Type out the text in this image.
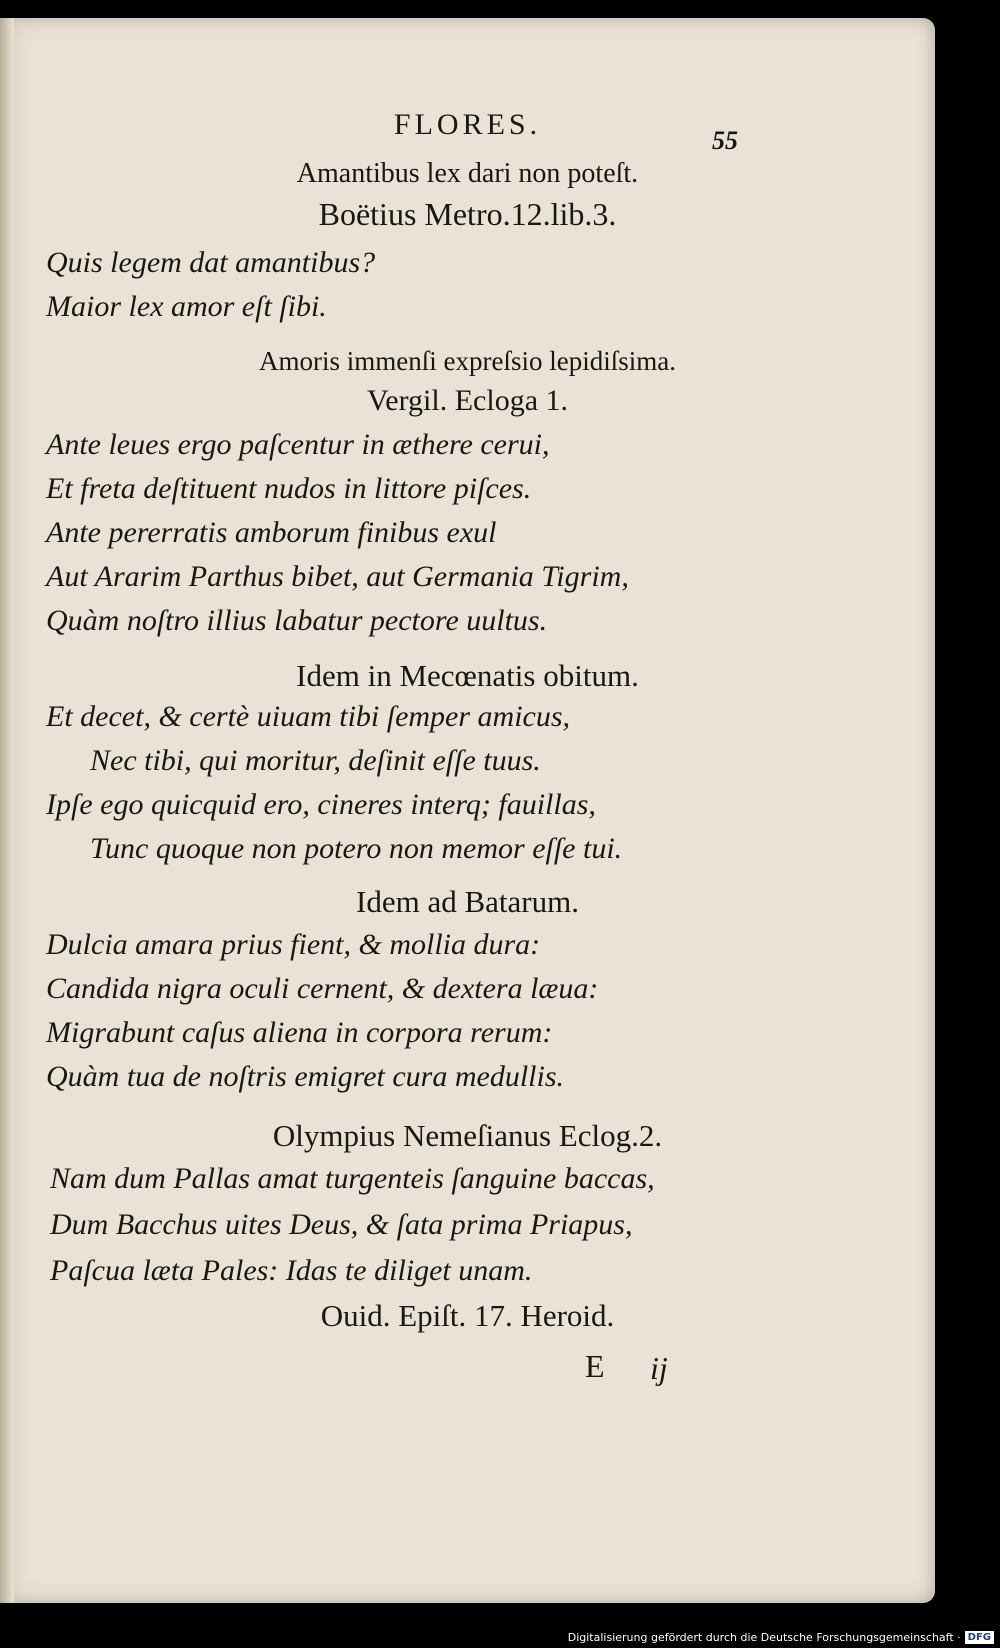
FLORES.	55
Amantibus lex dari non poteſt.
Boëtius Metro.12.lib.3.
Quis legem dat amantibus?
Maior lex amor eſt ſibi.
Amoris immenſi expreſsio lepidiſsima.
Vergil. Ecloga 1.
Ante leues ergo paſcentur in æthere cerui,
Et freta deſtituent nudos in littore piſces.
Ante pererratis amborum finibus exul
Aut Ararim Parthus bibet, aut Germania Tigrim,
Quàm noſtro illius labatur pectore uultus.
Idem in Mecœnatis obitum.
Et decet, & certè uiuam tibi ſemper amicus,
Nec tibi, qui moritur, deſinit eſſe tuus.
Ipſe ego quicquid ero, cineres interq; fauillas,
Tunc quoque non potero non memor eſſe tui.
Idem ad Batarum.
Dulcia amara prius fient, & mollia dura:
Candida nigra oculi cernent, & dextera læua:
Migrabunt caſus aliena in corpora rerum:
Quàm tua de noſtris emigret cura medullis.
Olympius Nemeſianus Eclog.2.
Nam dum Pallas amat turgenteis ſanguine baccas,
Dum Bacchus uites Deus, & ſata prima Priapus,
Paſcua læta Pales: Idas te diliget unam.
Ouid. Epiſt. 17. Heroid.
E ij
Digitalisierung gefördert durch die Deutsche Forschungsgemeinschaft · DFG
